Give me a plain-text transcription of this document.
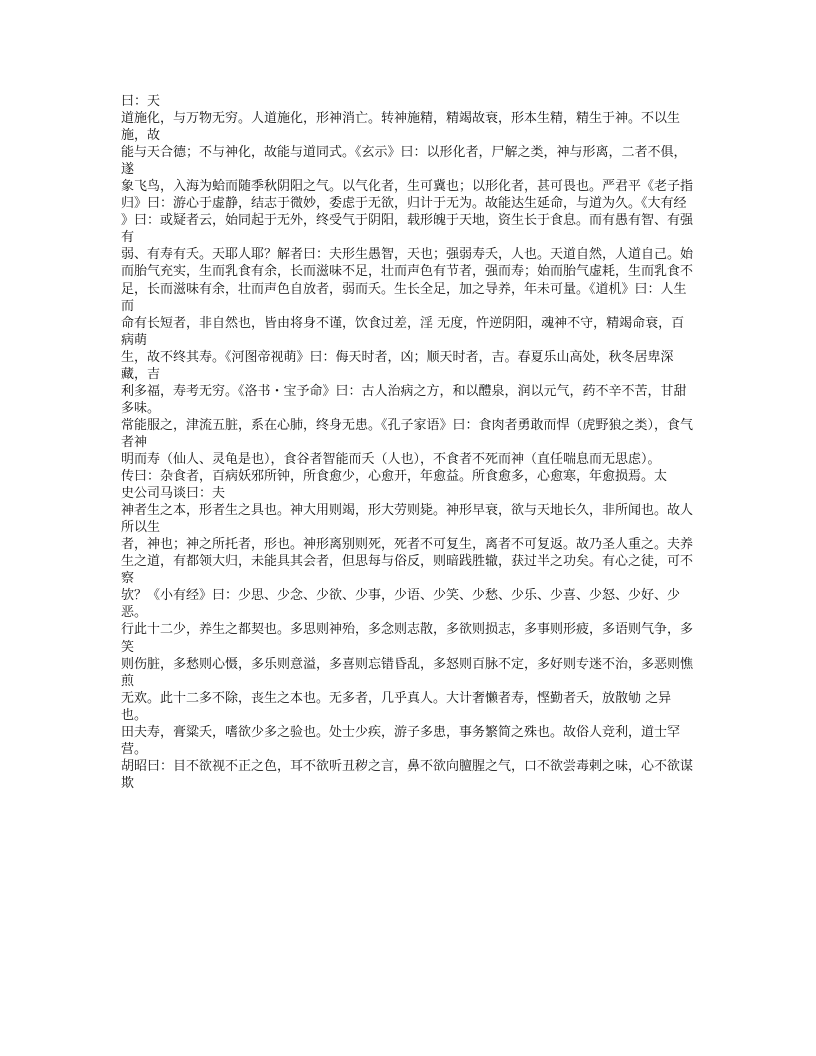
曰：天

道施化，与万物无穷。人道施化，形神消亡。转神施精，精竭故衰，形本生精，精生于神。不以生施，故

能与天合德；不与神化，故能与道同式。《玄示》曰：以形化者，尸解之类，神与形离，二者不俱，遂

象飞鸟，入海为蛤而随季秋阴阳之气。以气化者，生可冀也；以形化者，甚可畏也。严君平《老子指

归》曰：游心于虚静，结志于微妙，委虑于无欲，归计于无为。故能达生延命，与道为久。《大有经

》曰：或疑者云，始同起于无外，终受气于阴阳，载形魄于天地，资生长于食息。而有愚有智、有强有

弱、有寿有夭。天耶人耶？解者曰：夫形生愚智，天也；强弱寿夭，人也。天道自然，人道自己。始

而胎气充实，生而乳食有余，长而滋味不足，壮而声色有节者，强而寿；始而胎气虚耗，生而乳食不

足，长而滋味有余，壮而声色自放者，弱而夭。生长全足，加之导养，年未可量。《道机》曰：人生而

命有长短者，非自然也，皆由将身不谨，饮食过差，淫 无度，忤逆阴阳，魂神不守，精竭命衰，百病萌

生，故不终其寿。《河图帝视萌》曰：侮天时者，凶；顺天时者，吉。春夏乐山高处，秋冬居卑深藏，吉

利多福，寿考无穷。《洛书・宝予命》曰：古人治病之方，和以醴泉，润以元气，药不辛不苦，甘甜多味。

常能服之，津流五脏，系在心肺，终身无患。《孔子家语》曰：食肉者勇敢而悍（虎野狼之类），食气者神

明而寿（仙人、灵龟是也），食谷者智能而夭（人也），不食者不死而神（直任喘息而无思虑）。

传曰：杂食者，百病妖邪所钟，所食愈少，心愈开，年愈益。所食愈多，心愈寒，年愈损焉。太

史公司马谈曰：夫

神者生之本，形者生之具也。神大用则竭，形大劳则毙。神形早衰，欲与天地长久，非所闻也。故人所以生

者，神也；神之所托者，形也。神形离别则死，死者不可复生，离者不可复返。故乃圣人重之。夫养

生之道，有都领大归，未能具其会者，但思每与俗反，则暗践胜辙，获过半之功矣。有心之徒，可不察

欤？《小有经》曰：少思、少念、少欲、少事，少语、少笑、少愁、少乐、少喜、少怒、少好、少恶。

行此十二少，养生之都契也。多思则神殆，多念则志散，多欲则损志，多事则形疲，多语则气争，多笑

则伤脏，多愁则心慑，多乐则意溢，多喜则忘错昏乱，多怒则百脉不定，多好则专迷不治，多恶则憔煎

无欢。此十二多不除，丧生之本也。无多者，几乎真人。大计奢懒者寿，悭勤者夭，放散劬 之异也。

田夫寿，膏粱夭，嗜欲少多之验也。处士少疾，游子多患，事务繁简之殊也。故俗人竞利，道士罕营。

胡昭曰：目不欲视不正之色，耳不欲听丑秽之言，鼻不欲向膻腥之气，口不欲尝毒剌之味，心不欲谋欺
